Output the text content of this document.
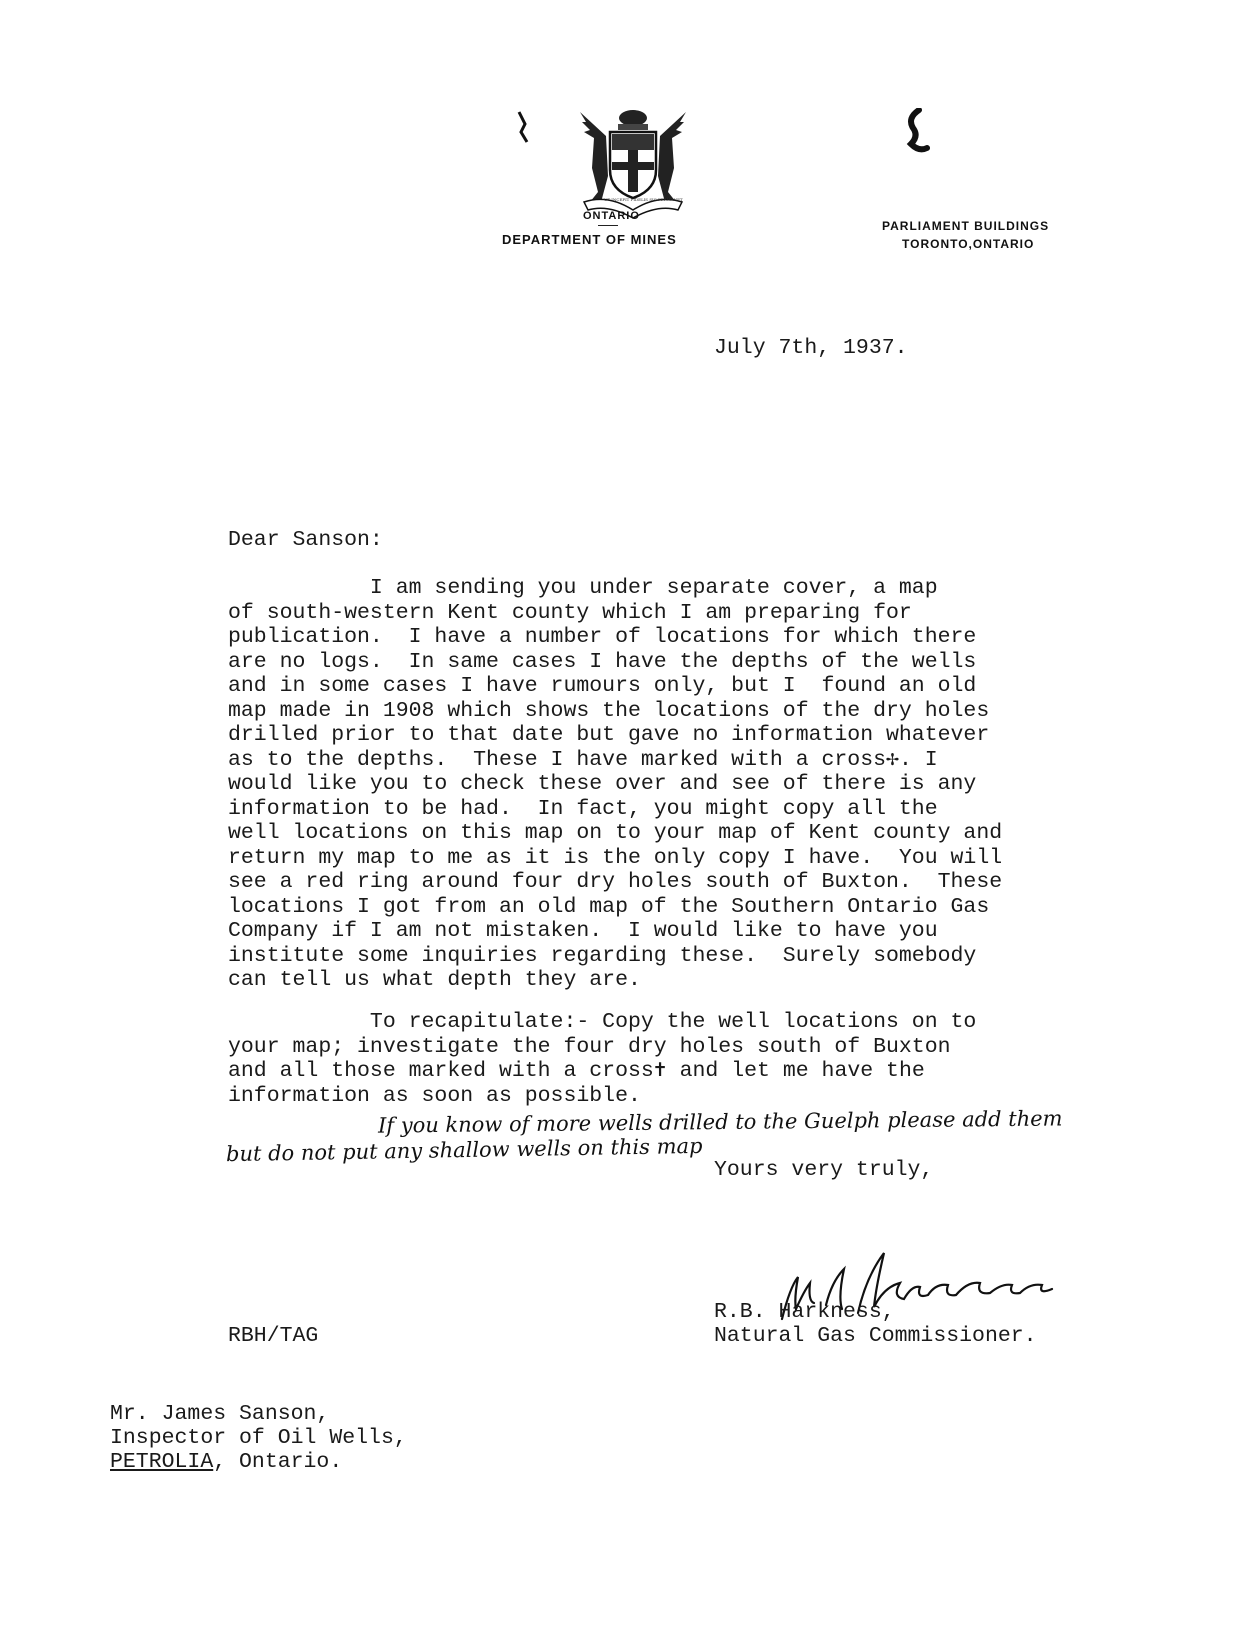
ONTARIO
DEPARTMENT OF MINES
PARLIAMENT BUILDINGS
TORONTO,ONTARIO
July 7th, 1937.
Dear Sanson:
I am sending you under separate cover, a map
of south-western Kent county which I am preparing for
publication.  I have a number of locations for which there
are no logs.  In same cases I have the depths of the wells
and in some cases I have rumours only, but I  found an old
map made in 1908 which shows the locations of the dry holes
drilled prior to that date but gave no information whatever
as to the depths.  These I have marked with a cross✢. I
would like you to check these over and see of there is any
information to be had.  In fact, you might copy all the
well locations on this map on to your map of Kent county and
return my map to me as it is the only copy I have.  You will
see a red ring around four dry holes south of Buxton.  These
locations I got from an old map of the Southern Ontario Gas
Company if I am not mistaken.  I would like to have you
institute some inquiries regarding these.  Surely somebody
can tell us what depth they are.
To recapitulate:- Copy the well locations on to
your map; investigate the four dry holes south of Buxton
and all those marked with a cross✝ and let me have the
information as soon as possible.
If you know of more wells drilled to the Guelph please add them
but do not put any shallow wells on this map
Yours very truly,
R.B. Harkness,
Natural Gas Commissioner.
RBH/TAG
Mr. James Sanson,
Inspector of Oil Wells,
PETROLIA, Ontario.
UT INCEPIT FIDELIS SIC PERMANET
